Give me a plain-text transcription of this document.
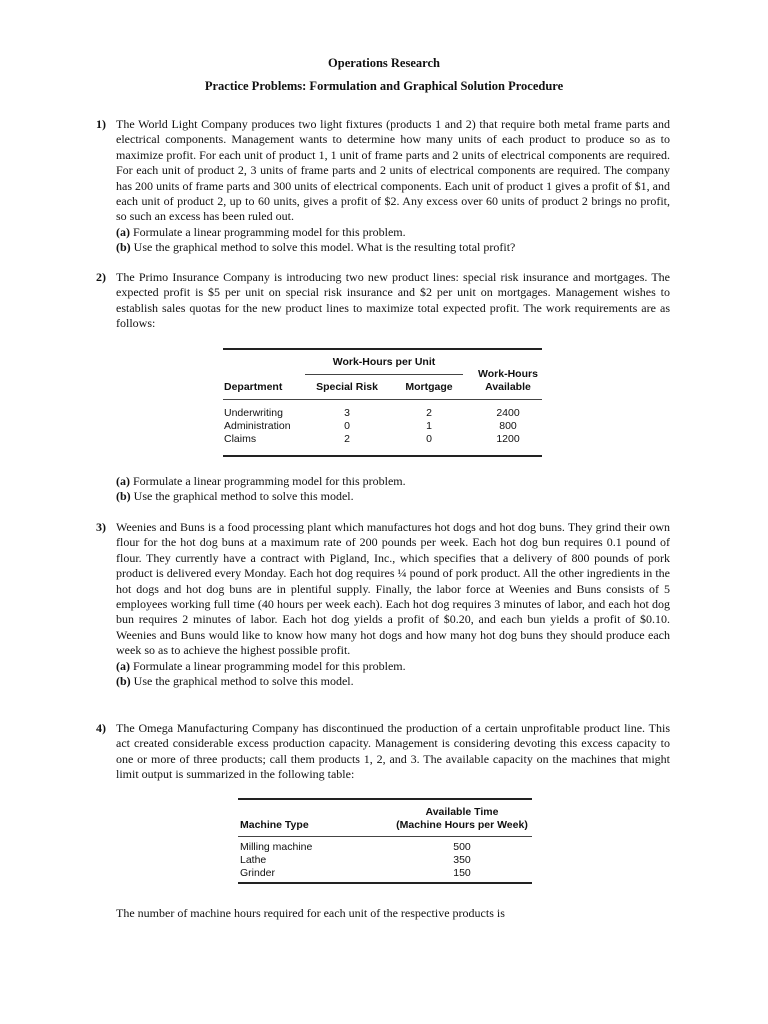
Operations Research
Practice Problems: Formulation and Graphical Solution Procedure
1) The World Light Company produces two light fixtures (products 1 and 2) that require both metal frame parts and electrical components. Management wants to determine how many units of each product to produce so as to maximize profit. For each unit of product 1, 1 unit of frame parts and 2 units of electrical components are required. For each unit of product 2, 3 units of frame parts and 2 units of electrical components are required. The company has 200 units of frame parts and 300 units of electrical components. Each unit of product 1 gives a profit of $1, and each unit of product 2, up to 60 units, gives a profit of $2. Any excess over 60 units of product 2 brings no profit, so such an excess has been ruled out.

(a) Formulate a linear programming model for this problem.

(b) Use the graphical method to solve this model. What is the resulting total profit?

2) The Primo Insurance Company is introducing two new product lines: special risk insurance and mortgages. The expected profit is $5 per unit on special risk insurance and $2 per unit on mortgages. Management wishes to establish sales quotas for the new product lines to maximize total expected profit. The work requirements are as follows:

Work-Hours per Unit
Department	Special Risk	Mortgage
Work-Hours Available
Underwriting
Administration
Claims
3
0
2
2
1
0
2400
800
1200

(a) Formulate a linear programming model for this problem.

(b) Use the graphical method to solve this model.

3) Weenies and Buns is a food processing plant which manufactures hot dogs and hot dog buns. They grind their own flour for the hot dog buns at a maximum rate of 200 pounds per week. Each hot dog bun requires 0.1 pound of flour. They currently have a contract with Pigland, Inc., which specifies that a delivery of 800 pounds of pork product is delivered every Monday. Each hot dog requires ¼ pound of pork product. All the other ingredients in the hot dogs and hot dog buns are in plentiful supply. Finally, the labor force at Weenies and Buns consists of 5 employees working full time (40 hours per week each). Each hot dog requires 3 minutes of labor, and each hot dog bun requires 2 minutes of labor. Each hot dog yields a profit of $0.20, and each bun yields a profit of $0.10. Weenies and Buns would like to know how many hot dogs and how many hot dog buns they should produce each week so as to achieve the highest possible profit.

(a) Formulate a linear programming model for this problem.

(b) Use the graphical method to solve this model.

4) The Omega Manufacturing Company has discontinued the production of a certain unprofitable product line. This act created considerable excess production capacity. Management is considering devoting this excess capacity to one or more of three products; call them products 1, 2, and 3. The available capacity on the machines that might limit output is summarized in the following table:

Machine Type
Available Time
(Machine Hours per Week)
Milling machine
Lathe
Grinder
500
350
150

The number of machine hours required for each unit of the respective products is
